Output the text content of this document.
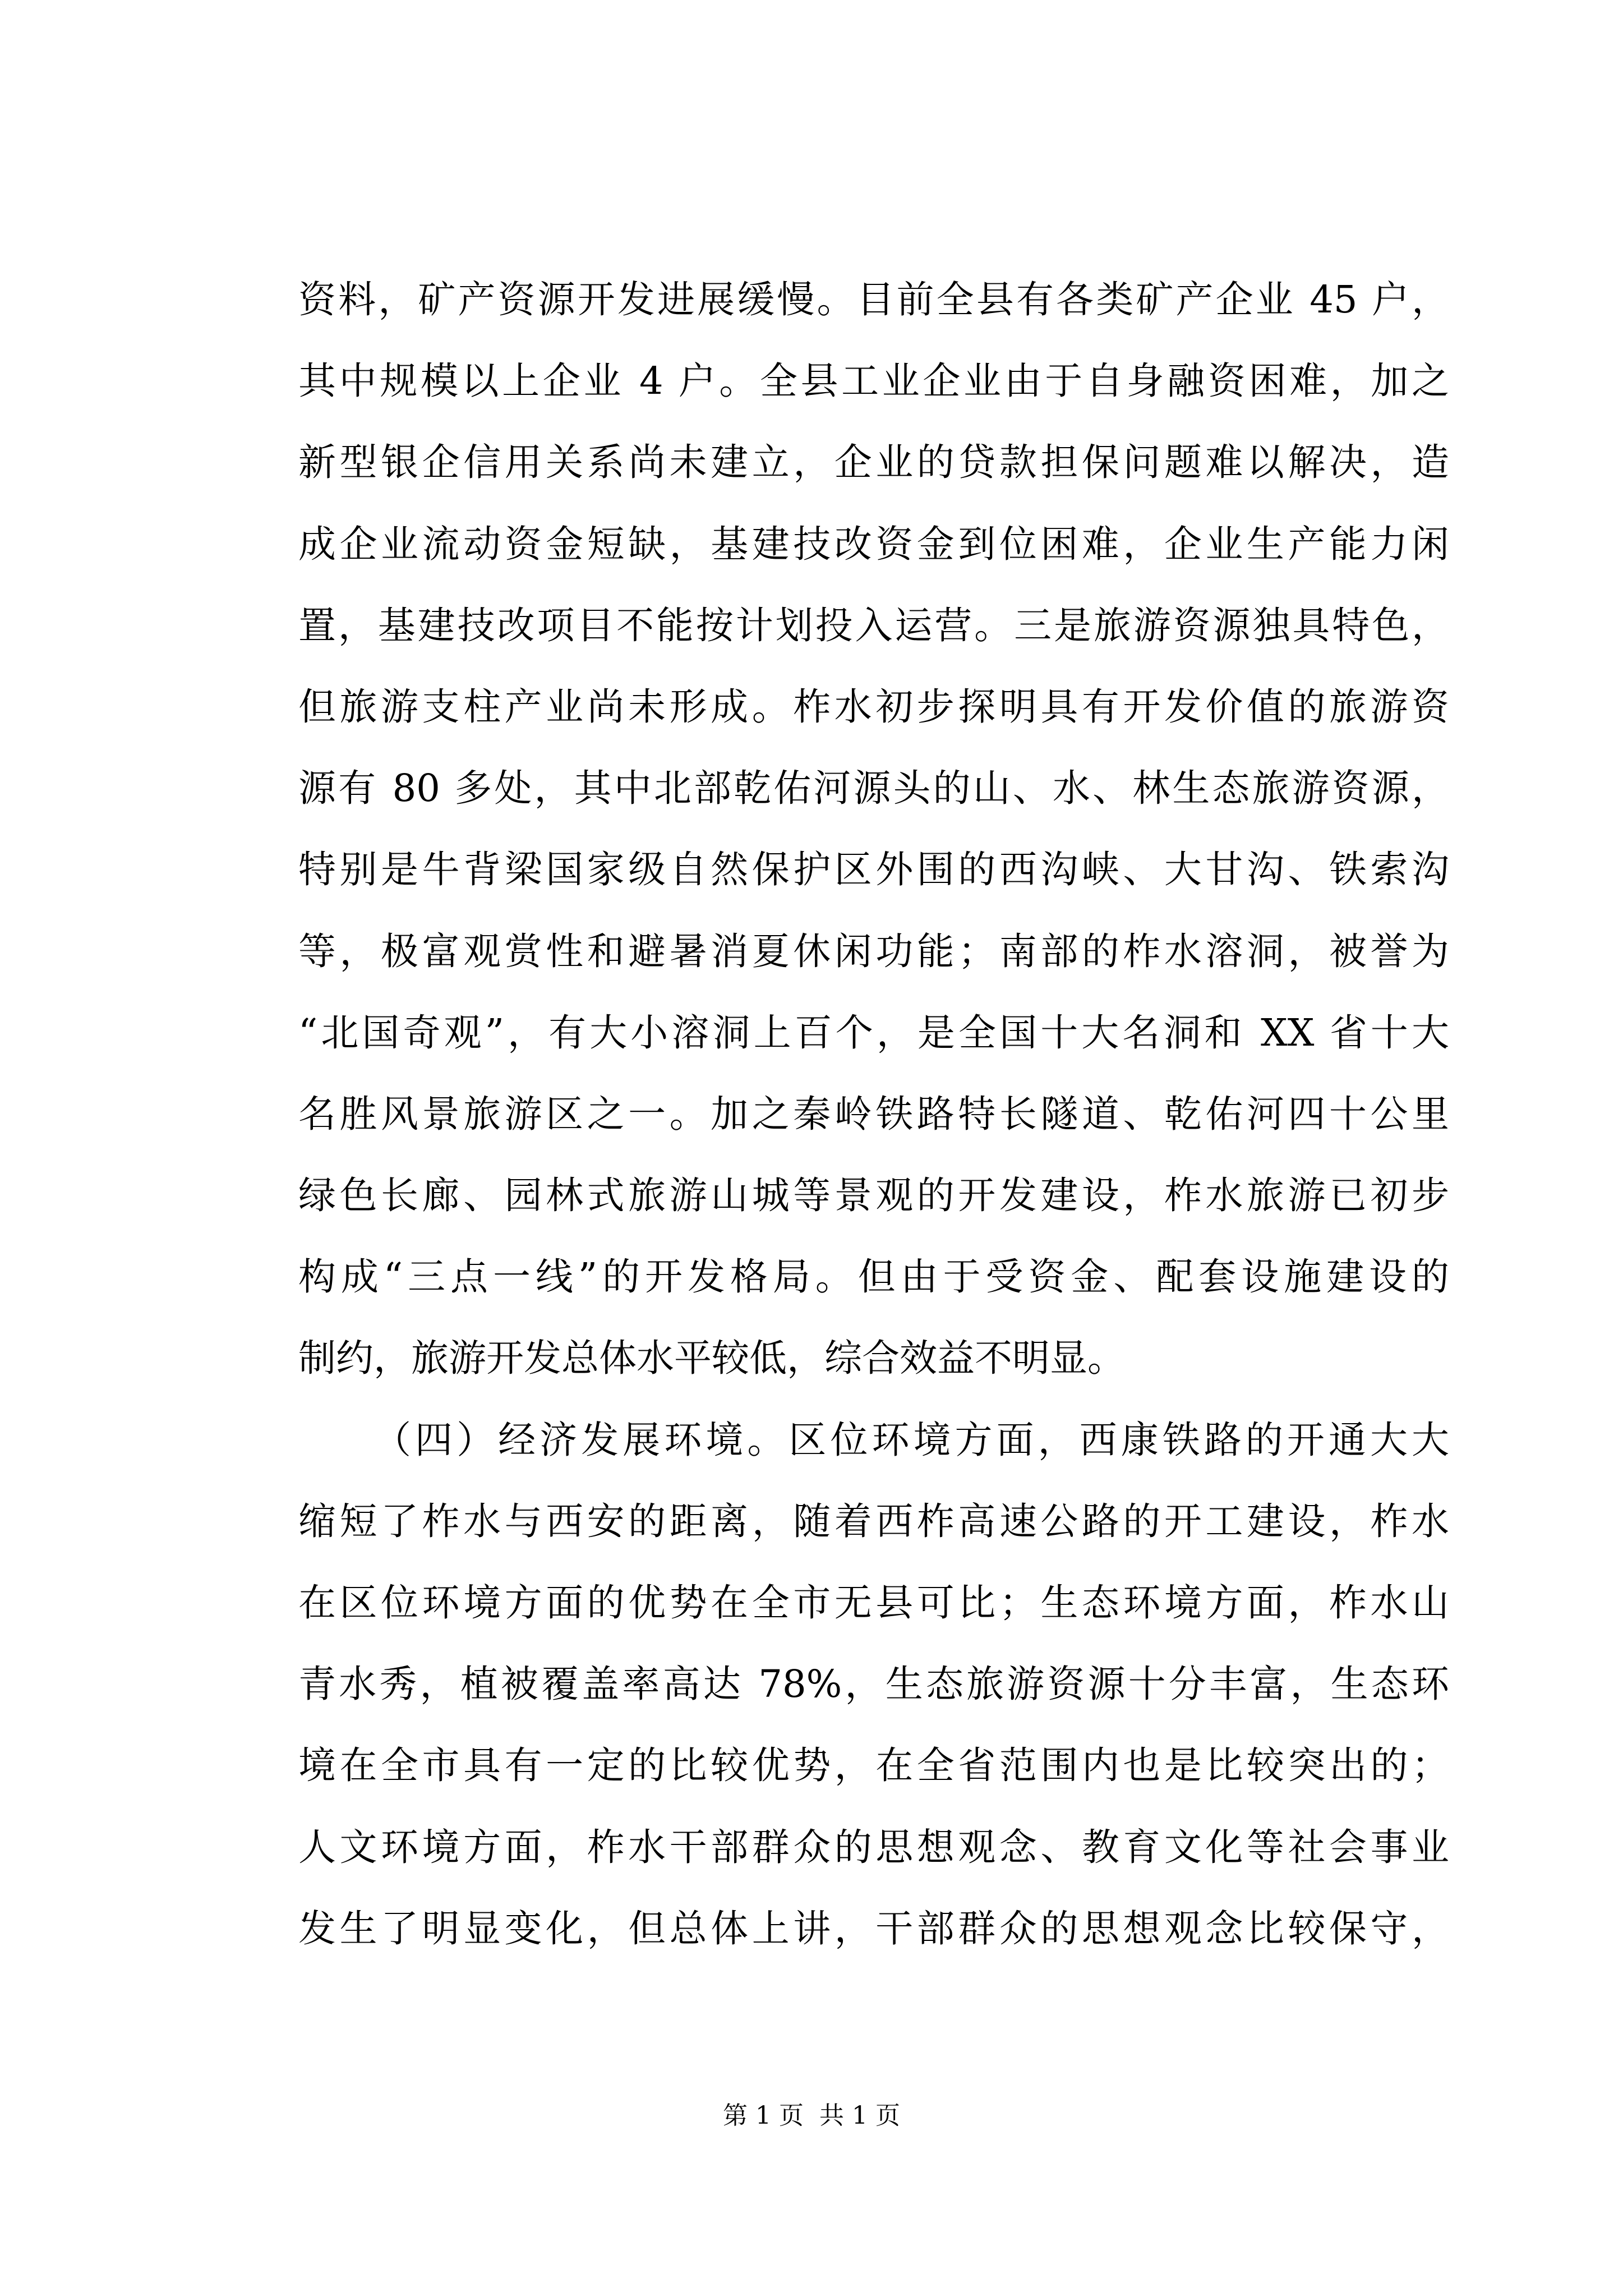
资料，矿产资源开发进展缓慢。目前全县有各类矿产企业 45 户，
其中规模以上企业 4 户。全县工业企业由于自身融资困难，加之
新型银企信用关系尚未建立，企业的贷款担保问题难以解决，造
成企业流动资金短缺，基建技改资金到位困难，企业生产能力闲
置，基建技改项目不能按计划投入运营。三是旅游资源独具特色，
但旅游支柱产业尚未形成。柞水初步探明具有开发价值的旅游资
源有 80 多处，其中北部乾佑河源头的山、水、林生态旅游资源，
特别是牛背梁国家级自然保护区外围的西沟峡、大甘沟、铁索沟
等，极富观赏性和避暑消夏休闲功能；南部的柞水溶洞，被誉为
“北国奇观”，有大小溶洞上百个，是全国十大名洞和 XX 省十大
名胜风景旅游区之一。加之秦岭铁路特长隧道、乾佑河四十公里
绿色长廊、园林式旅游山城等景观的开发建设，柞水旅游已初步
构成“三点一线”的开发格局。但由于受资金、配套设施建设的
制约，旅游开发总体水平较低，综合效益不明显。
（四）经济发展环境。区位环境方面，西康铁路的开通大大
缩短了柞水与西安的距离，随着西柞高速公路的开工建设，柞水
在区位环境方面的优势在全市无县可比；生态环境方面，柞水山
青水秀，植被覆盖率高达 78%，生态旅游资源十分丰富，生态环
境在全市具有一定的比较优势，在全省范围内也是比较突出的；
人文环境方面，柞水干部群众的思想观念、教育文化等社会事业
发生了明显变化，但总体上讲，干部群众的思想观念比较保守，
第 1 页  共 1 页
